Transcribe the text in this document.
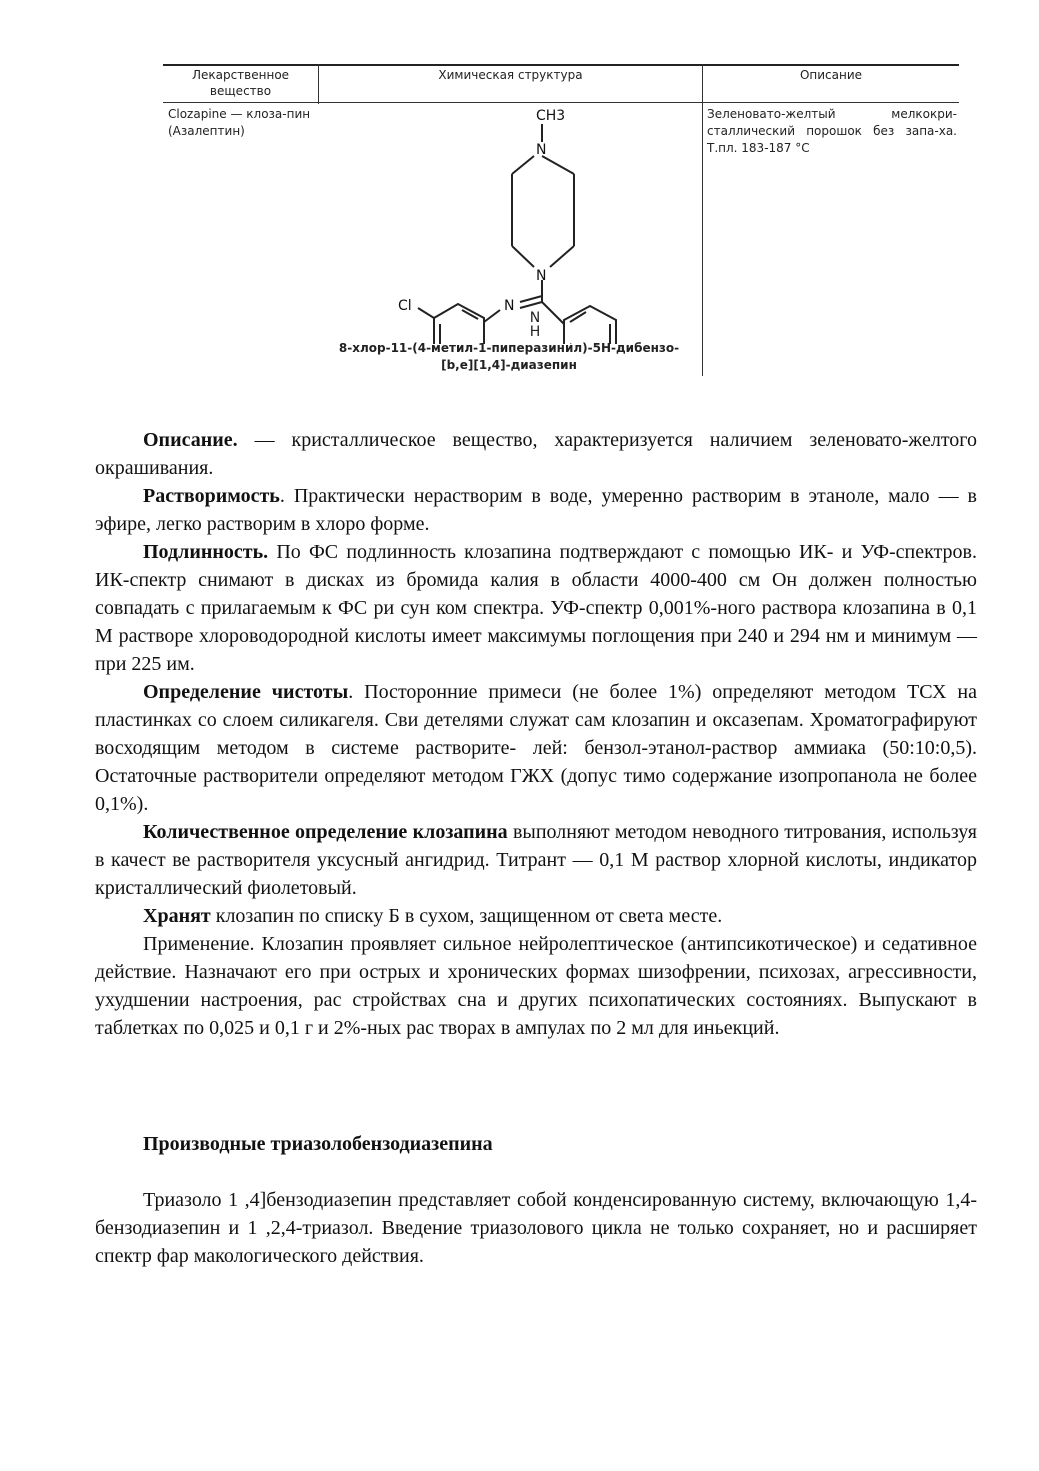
Лекарственное вещество
Химическая структура	Описание
Clozapine — клоза-пин (Азалептин)
Зеленовато-желтый мелкокри-сталлический порошок без запа-ха. Т.пл. 183-187 °С
CH3
N
N
Cl	N
N
H
8-хлор-11-(4-метил-1-пиперазинил)-5Н-дибензо-[b,e][1,4]-диазепин

Описание. — кристаллическое вещество, характеризуется наличием зеленовато-желтого окрашивания.

Растворимость. Практически нерастворим в воде, умеренно растворим в этаноле, мало — в эфире, легко растворим в хлоро форме.

Подлинность. По ФС подлинность клозапина подтверждают с помощью ИК- и УФ-спектров. ИК-спектр снимают в дисках из бромида калия в области 4000-400 см Он должен полностью совпадать с прилагаемым к ФС ри сун ком спектра. УФ-спектр 0,001%-ного раствора клозапина в 0,1 М растворе хлороводородной кислоты имеет максимумы поглощения при 240 и 294 нм и минимум — при 225 им.

Определение чистоты. Посторонние примеси (не более 1%) определяют методом ТСХ на пластинках со слоем силикагеля. Сви детелями служат сам клозапин и оксазепам. Хроматографируют восходящим методом в системе растворите- лей: бензол-этанол-раствор аммиака (50:10:0,5). Остаточные растворители определяют методом ГЖХ (допус тимо содержание изопропанола не более 0,1%).

Количественное определение клозапина выполняют методом неводного титрования, используя в качест ве растворителя уксусный ангидрид. Титрант — 0,1 М раствор хлорной кислоты, индикатор кристаллический фиолетовый.

Хранят клозапин по списку Б в сухом, защищенном от света месте.

Применение. Клозапин проявляет сильное нейролептическое (антипсикотическое) и седативное действие. Назначают его при острых и хронических формах шизофрении, психозах, агрессивности, ухудшении настроения, рас стройствах сна и других психопатических состояниях. Выпускают в таблетках по 0,025 и 0,1 г и 2%-ных рас творах в ампулах по 2 мл для иньекций.

Производные триазолобензодиазепина

Триазоло 1 ,4]бензодиазепин представляет собой конденсированную систему, включающую 1,4- бензодиазепин и 1 ,2,4-триазол. Введение триазолового цикла не только сохраняет, но и расширяет спектр фар макологического действия.
